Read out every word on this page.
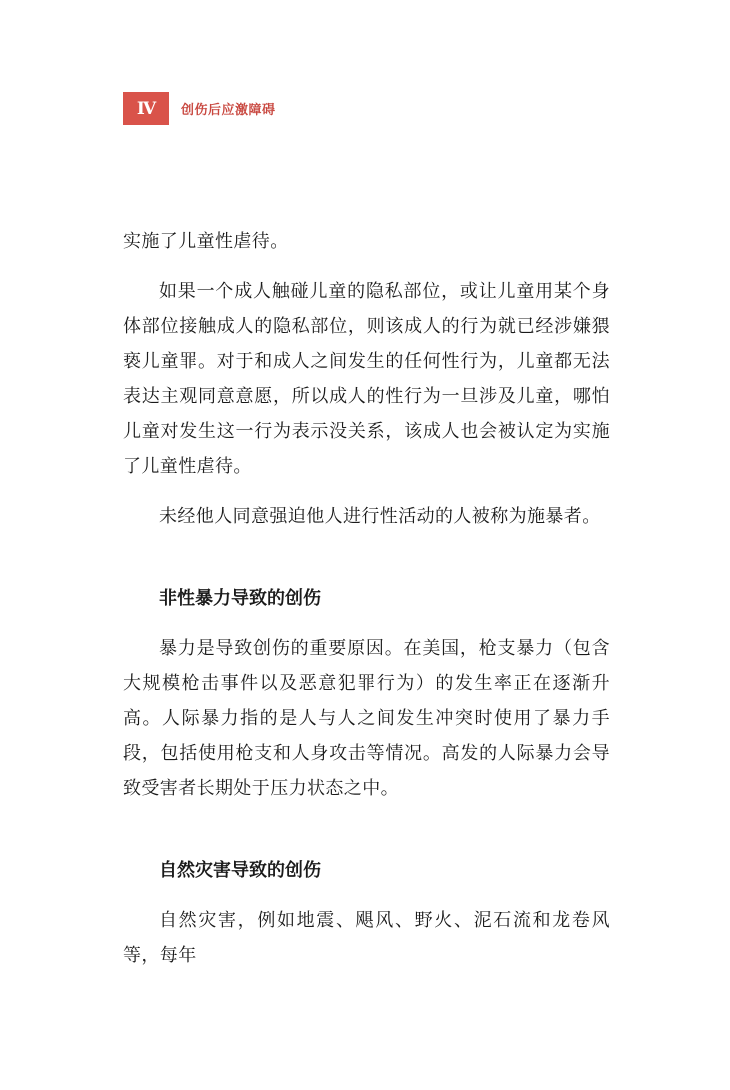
Ⅳ	创伤后应激障碍

实施了儿童性虐待。

如果一个成人触碰儿童的隐私部位，或让儿童用某个身体部位接触成人的隐私部位，则该成人的行为就已经涉嫌猥亵儿童罪。对于和成人之间发生的任何性行为，儿童都无法表达主观同意意愿，所以成人的性行为一旦涉及儿童，哪怕儿童对发生这一行为表示没关系，该成人也会被认定为实施了儿童性虐待。

未经他人同意强迫他人进行性活动的人被称为施暴者。

非性暴力导致的创伤

暴力是导致创伤的重要原因。在美国，枪支暴力（包含大规模枪击事件以及恶意犯罪行为）的发生率正在逐渐升高。人际暴力指的是人与人之间发生冲突时使用了暴力手段，包括使用枪支和人身攻击等情况。高发的人际暴力会导致受害者长期处于压力状态之中。

自然灾害导致的创伤

自然灾害，例如地震、飓风、野火、泥石流和龙卷风等，每年
